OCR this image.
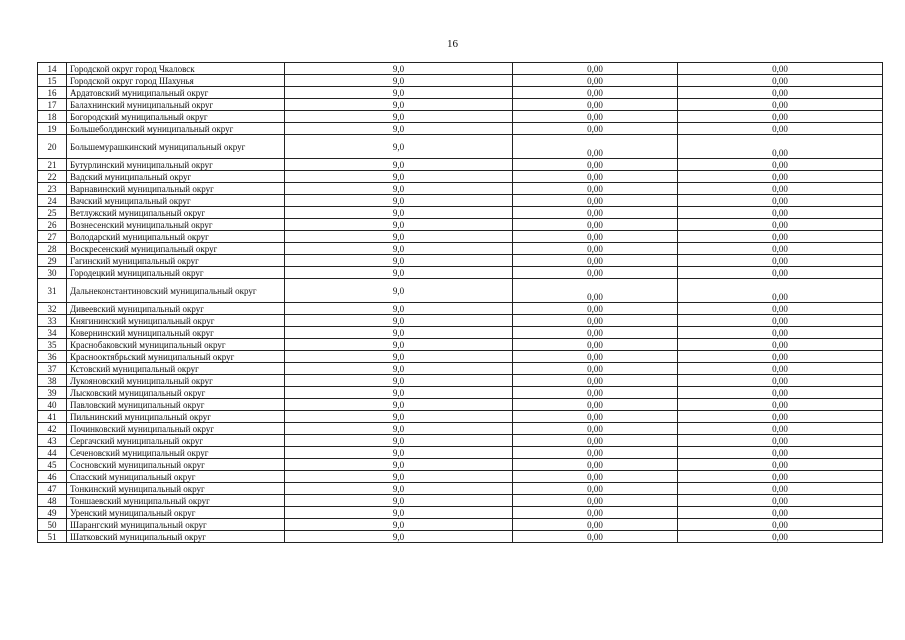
16
14	Городской округ город Чкаловск	9,0	0,00	0,00
15	Городской округ город Шахунья	9,0	0,00	0,00
16	Ардатовский муниципальный округ	9,0	0,00	0,00
17	Балахнинский муниципальный округ	9,0	0,00	0,00
18	Богородский муниципальный округ	9,0	0,00	0,00
19	Большеболдинский муниципальный округ	9,0	0,00	0,00
20	Большемурашкинский муниципальный округ	9,0	0,00	0,00
21	Бутурлинский муниципальный округ	9,0	0,00	0,00
22	Вадский муниципальный округ	9,0	0,00	0,00
23	Варнавинский муниципальный округ	9,0	0,00	0,00
24	Вачский муниципальный округ	9,0	0,00	0,00
25	Ветлужский муниципальный округ	9,0	0,00	0,00
26	Вознесенский муниципальный округ	9,0	0,00	0,00
27	Володарский муниципальный округ	9,0	0,00	0,00
28	Воскресенский муниципальный округ	9,0	0,00	0,00
29	Гагинский муниципальный округ	9,0	0,00	0,00
30	Городецкий муниципальный округ	9,0	0,00	0,00
31	Дальнеконстантиновский муниципальный округ	9,0	0,00	0,00
32	Дивеевский муниципальный округ	9,0	0,00	0,00
33	Княгининский муниципальный округ	9,0	0,00	0,00
34	Ковернинский муниципальный округ	9,0	0,00	0,00
35	Краснобаковский муниципальный округ	9,0	0,00	0,00
36	Краснооктябрьский муниципальный округ	9,0	0,00	0,00
37	Кстовский муниципальный округ	9,0	0,00	0,00
38	Лукояновский муниципальный округ	9,0	0,00	0,00
39	Лысковский муниципальный округ	9,0	0,00	0,00
40	Павловский муниципальный округ	9,0	0,00	0,00
41	Пильнинский муниципальный округ	9,0	0,00	0,00
42	Починковский муниципальный округ	9,0	0,00	0,00
43	Сергачский муниципальный округ	9,0	0,00	0,00
44	Сеченовский муниципальный округ	9,0	0,00	0,00
45	Сосновский муниципальный округ	9,0	0,00	0,00
46	Спасский муниципальный округ	9,0	0,00	0,00
47	Тонкинский муниципальный округ	9,0	0,00	0,00
48	Тоншаевский муниципальный округ	9,0	0,00	0,00
49	Уренский муниципальный округ	9,0	0,00	0,00
50	Шарангский муниципальный округ	9,0	0,00	0,00
51	Шатковский муниципальный округ	9,0	0,00	0,00
